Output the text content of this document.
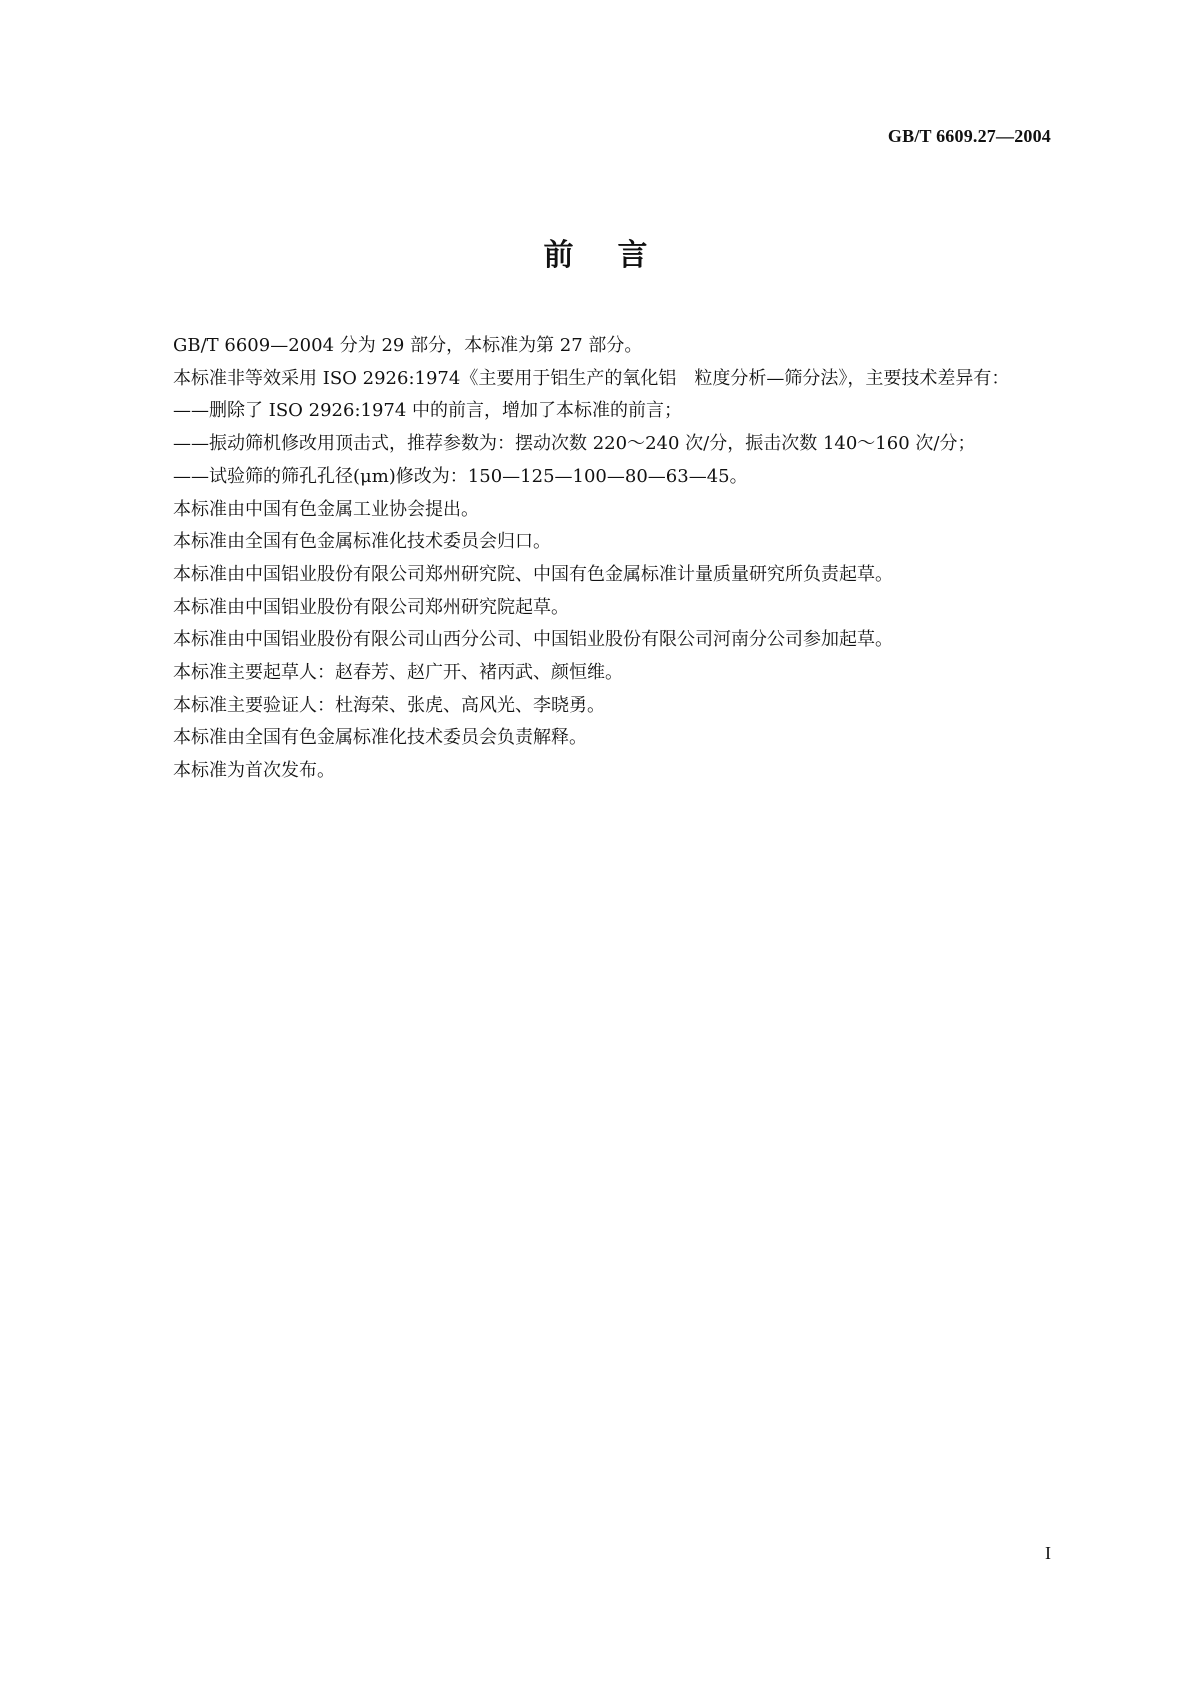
GB/T 6609.27—2004
前言

GB/T 6609—2004 分为 29 部分，本标准为第 27 部分。

本标准非等效采用 ISO 2926:1974《主要用于铝生产的氧化铝　粒度分析—筛分法》，主要技术差异有：

——删除了 ISO 2926:1974 中的前言，增加了本标准的前言；

——振动筛机修改用顶击式，推荐参数为：摆动次数 220～240 次/分，振击次数 140～160 次/分；

——试验筛的筛孔孔径(μm)修改为：150—125—100—80—63—45。

本标准由中国有色金属工业协会提出。

本标准由全国有色金属标准化技术委员会归口。

本标准由中国铝业股份有限公司郑州研究院、中国有色金属标准计量质量研究所负责起草。

本标准由中国铝业股份有限公司郑州研究院起草。

本标准由中国铝业股份有限公司山西分公司、中国铝业股份有限公司河南分公司参加起草。

本标准主要起草人：赵春芳、赵广开、褚丙武、颜恒维。

本标准主要验证人：杜海荣、张虎、高风光、李晓勇。

本标准由全国有色金属标准化技术委员会负责解释。

本标准为首次发布。

I
